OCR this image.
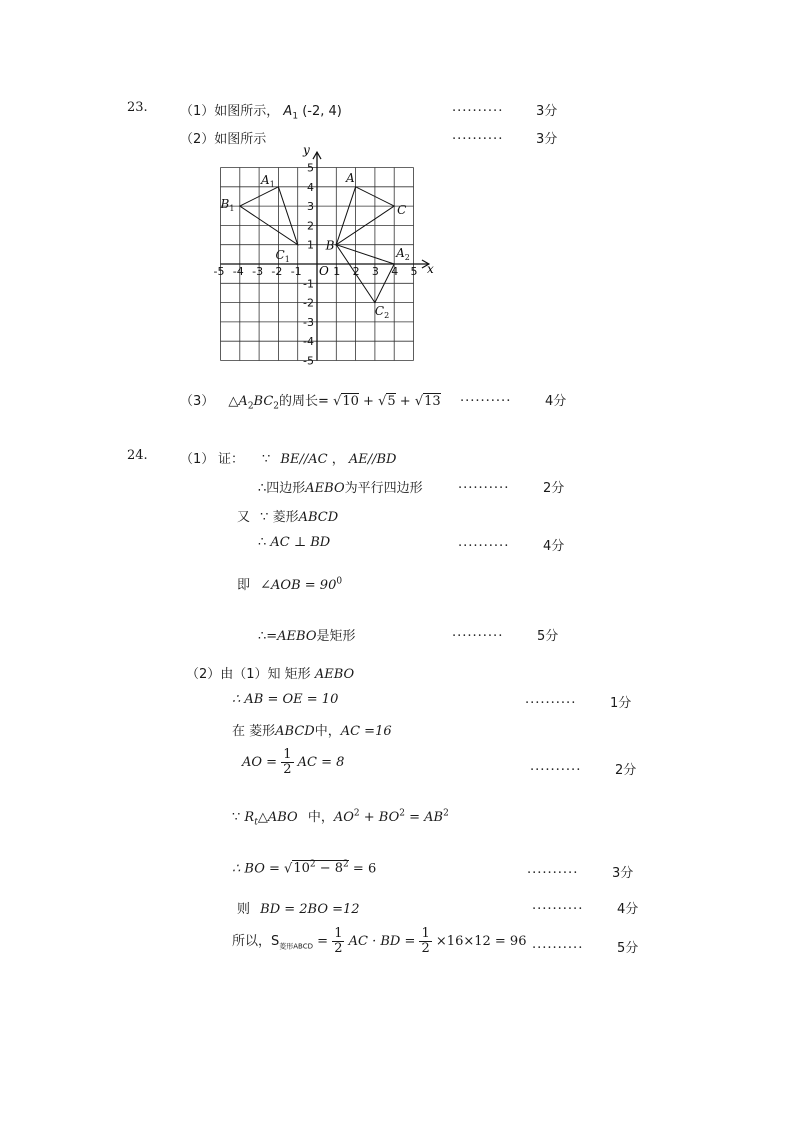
23. （1）如图所示， $A_1$ (-2, 4)	..........	3分
（2）如图所示	..........	3分
x
y
O
-5 -4 -3 -2 -1	1 2 3 4 5
5
4
3
2
1
-1
-2
-3
-4
-5
A
B
C
$A_1$
$B_1$
$C_1$	$A_2$
$C_2$
（3） $\triangle A_2BC_2$的周长= √10 + √5 + √13 ..........	4分
24. （1） 证： ∵ BE//AC ， AE//BD
∴四边形AEBO为平行四边形	..........	2分
又 ∵ 菱形ABCD
∴ AC ⊥ BD	..........	4分
即 ∠AOB = $90^0$
∴=AEBO是矩形	..........	5分
（2）由（1）知 矩形 AEBO
∴ AB = OE = 10	..........	1分
在 菱形ABCD中，AC =16
AO = $\frac{1}{2}$ AC = 8	..........	2分
∵ $R_t\triangle ABO$ 中，$AO^2 + BO^2 = AB^2$
∴ BO = $√10^2 - 8^2 = 6$	..........	3分
则 BD = 2BO =12	..........	4分
所以，$S_{菱形ABCD} = \frac{1}{2}$ AC · BD = $\frac{1}{2} \times 16\times 12 = 96$ ..........	5分
